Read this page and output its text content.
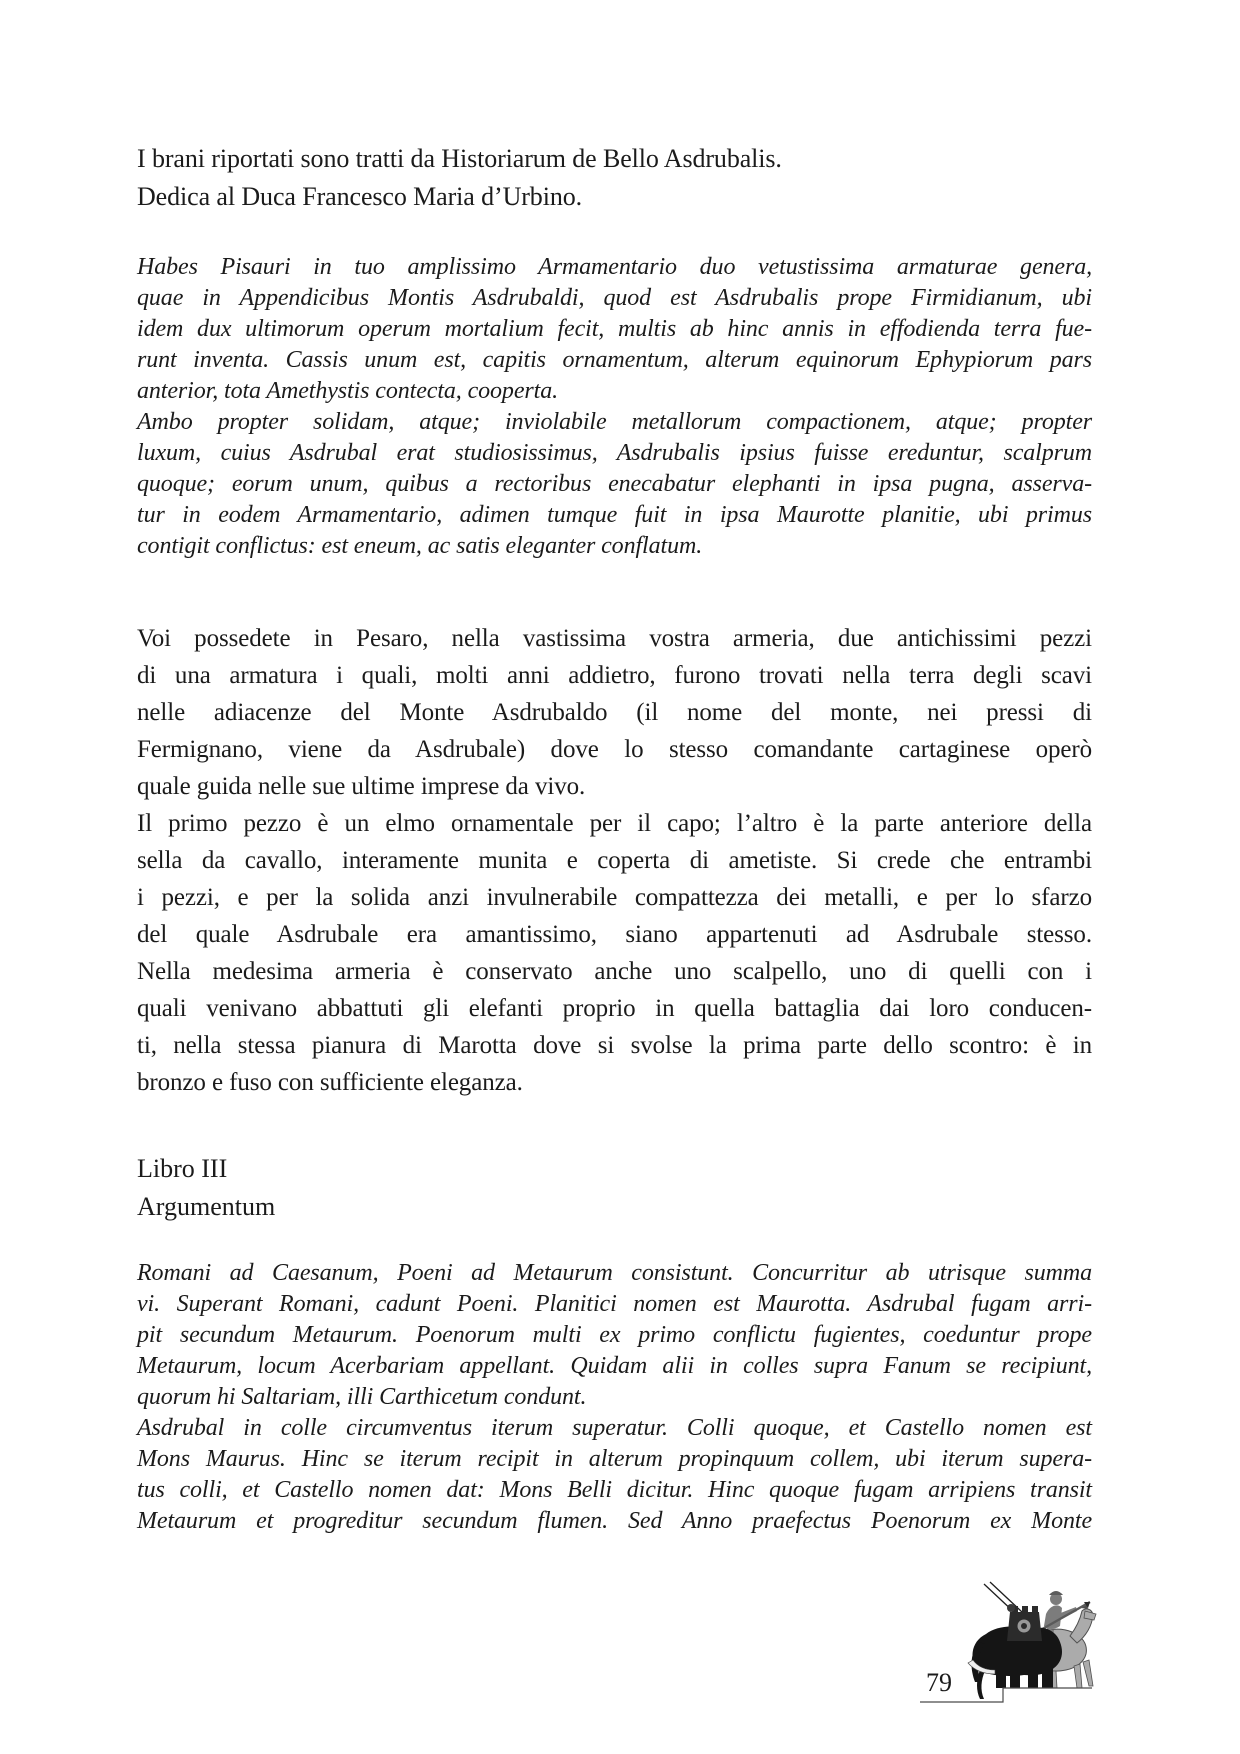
I brani riportati sono tratti da Historiarum de Bello Asdrubalis.
Dedica al Duca Francesco Maria d’Urbino.
Habes Pisauri in tuo amplissimo Armamentario duo vetustissima armaturae genera,
quae in Appendicibus Montis Asdrubaldi, quod est Asdrubalis prope Firmidianum, ubi
idem dux ultimorum operum mortalium fecit, multis ab hinc annis in effodienda terra fue-
runt inventa. Cassis unum est, capitis ornamentum, alterum equinorum Ephypiorum pars
anterior, tota Amethystis contecta, cooperta.
Ambo propter solidam, atque; inviolabile metallorum compactionem, atque; propter
luxum, cuius Asdrubal erat studiosissimus, Asdrubalis ipsius fuisse ereduntur, scalprum
quoque; eorum unum, quibus a rectoribus enecabatur elephanti in ipsa pugna, asserva-
tur in eodem Armamentario, adimen tumque fuit in ipsa Maurotte planitie, ubi primus
contigit conflictus: est eneum, ac satis eleganter conflatum.
Voi possedete in Pesaro, nella vastissima vostra armeria, due antichissimi pezzi
di una armatura i quali, molti anni addietro, furono trovati nella terra degli scavi
nelle adiacenze del Monte Asdrubaldo (il nome del monte, nei pressi di
Fermignano, viene da Asdrubale) dove lo stesso comandante cartaginese operò
quale guida nelle sue ultime imprese da vivo.
Il primo pezzo è un elmo ornamentale per il capo; l’altro è la parte anteriore della
sella da cavallo, interamente munita e coperta di ametiste. Si crede che entrambi
i pezzi, e per la solida anzi invulnerabile compattezza dei metalli, e per lo sfarzo
del quale Asdrubale era amantissimo, siano appartenuti ad Asdrubale stesso.
Nella medesima armeria è conservato anche uno scalpello, uno di quelli con i
quali venivano abbattuti gli elefanti proprio in quella battaglia dai loro conducen-
ti, nella stessa pianura di Marotta dove si svolse la prima parte dello scontro: è in
bronzo e fuso con sufficiente eleganza.
Libro III
Argumentum
Romani ad Caesanum, Poeni ad Metaurum consistunt. Concurritur ab utrisque summa
vi. Superant Romani, cadunt Poeni. Planitici nomen est Maurotta. Asdrubal fugam arri-
pit secundum Metaurum. Poenorum multi ex primo conflictu fugientes, coeduntur prope
Metaurum, locum Acerbariam appellant. Quidam alii in colles supra Fanum se recipiunt,
quorum hi Saltariam, illi Carthicetum condunt.
Asdrubal in colle circumventus iterum superatur. Colli quoque, et Castello nomen est
Mons Maurus. Hinc se iterum recipit in alterum propinquum collem, ubi iterum supera-
tus colli, et Castello nomen dat: Mons Belli dicitur. Hinc quoque fugam arripiens transit
Metaurum et progreditur secundum flumen. Sed Anno praefectus Poenorum ex Monte
79
